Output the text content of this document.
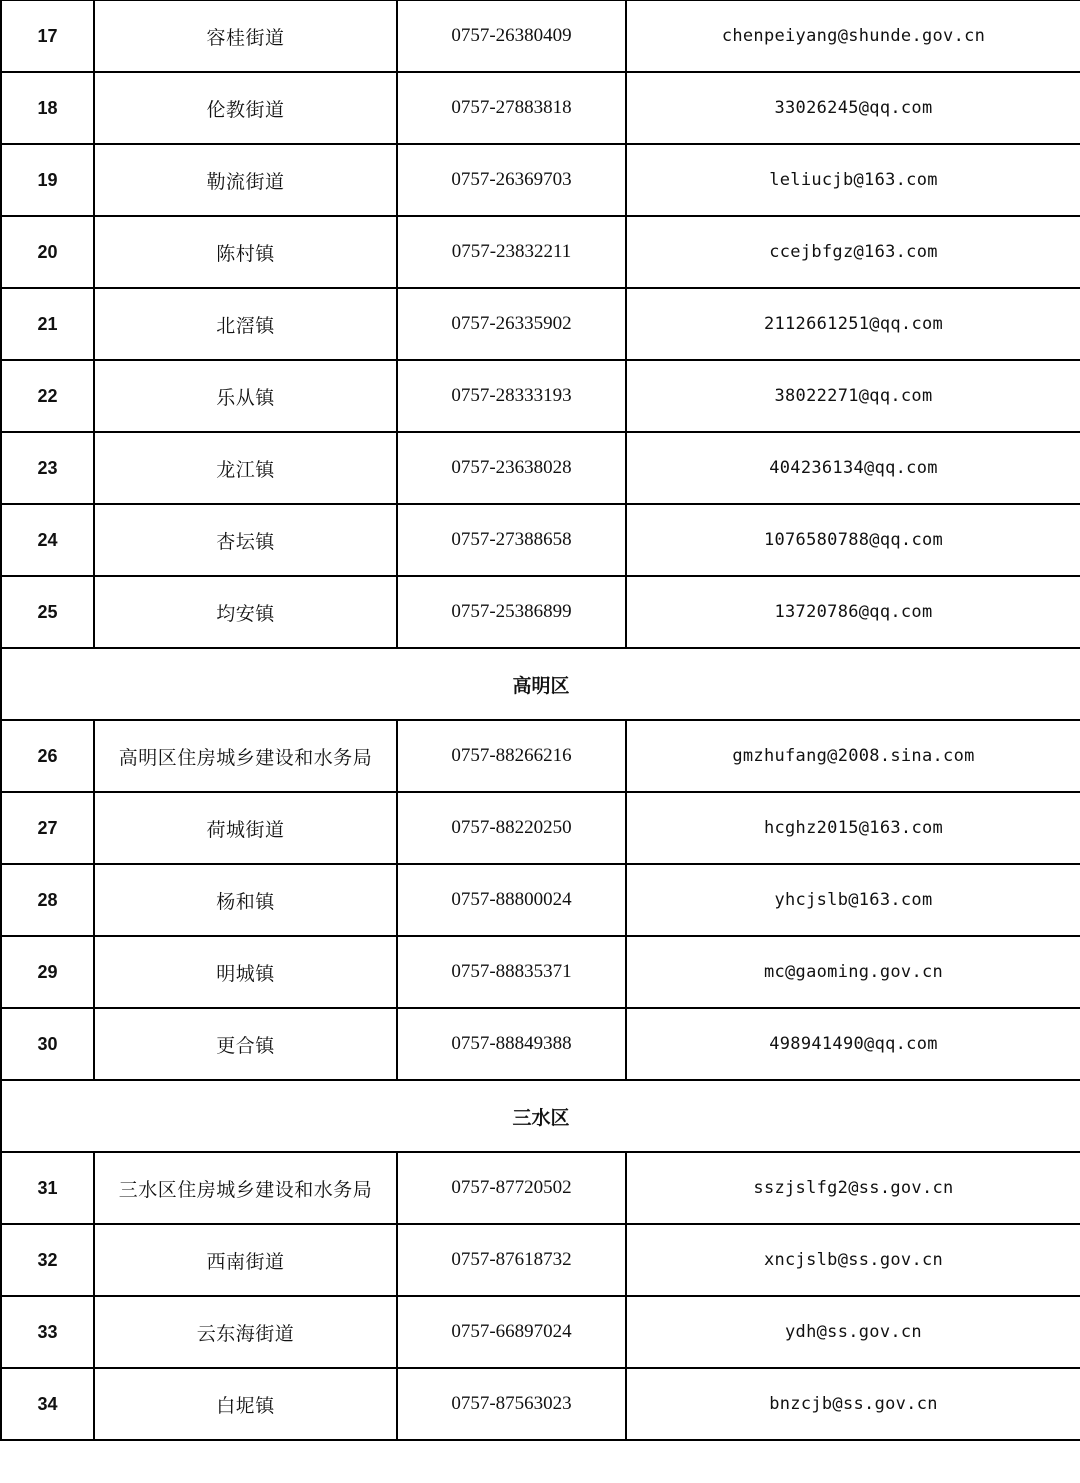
17	容桂街道	0757-26380409	chenpeiyang@shunde.gov.cn
18	伦教街道	0757-27883818	33026245@qq.com
19	勒流街道	0757-26369703	leliucjb@163.com
20	陈村镇	0757-23832211	ccejbfgz@163.com
21	北滘镇	0757-26335902	2112661251@qq.com
22	乐从镇	0757-28333193	38022271@qq.com
23	龙江镇	0757-23638028	404236134@qq.com
24	杏坛镇	0757-27388658	1076580788@qq.com
25	均安镇	0757-25386899	13720786@qq.com
高明区			
26	高明区住房城乡建设和水务局	0757-88266216	gmzhufang@2008.sina.com
27	荷城街道	0757-88220250	hcghz2015@163.com
28	杨和镇	0757-88800024	yhcjslb@163.com
29	明城镇	0757-88835371	mc@gaoming.gov.cn
30	更合镇	0757-88849388	498941490@qq.com
三水区			
31	三水区住房城乡建设和水务局	0757-87720502	sszjslfg2@ss.gov.cn
32	西南街道	0757-87618732	xncjslb@ss.gov.cn
33	云东海街道	0757-66897024	ydh@ss.gov.cn
34	白坭镇	0757-87563023	bnzcjb@ss.gov.cn
